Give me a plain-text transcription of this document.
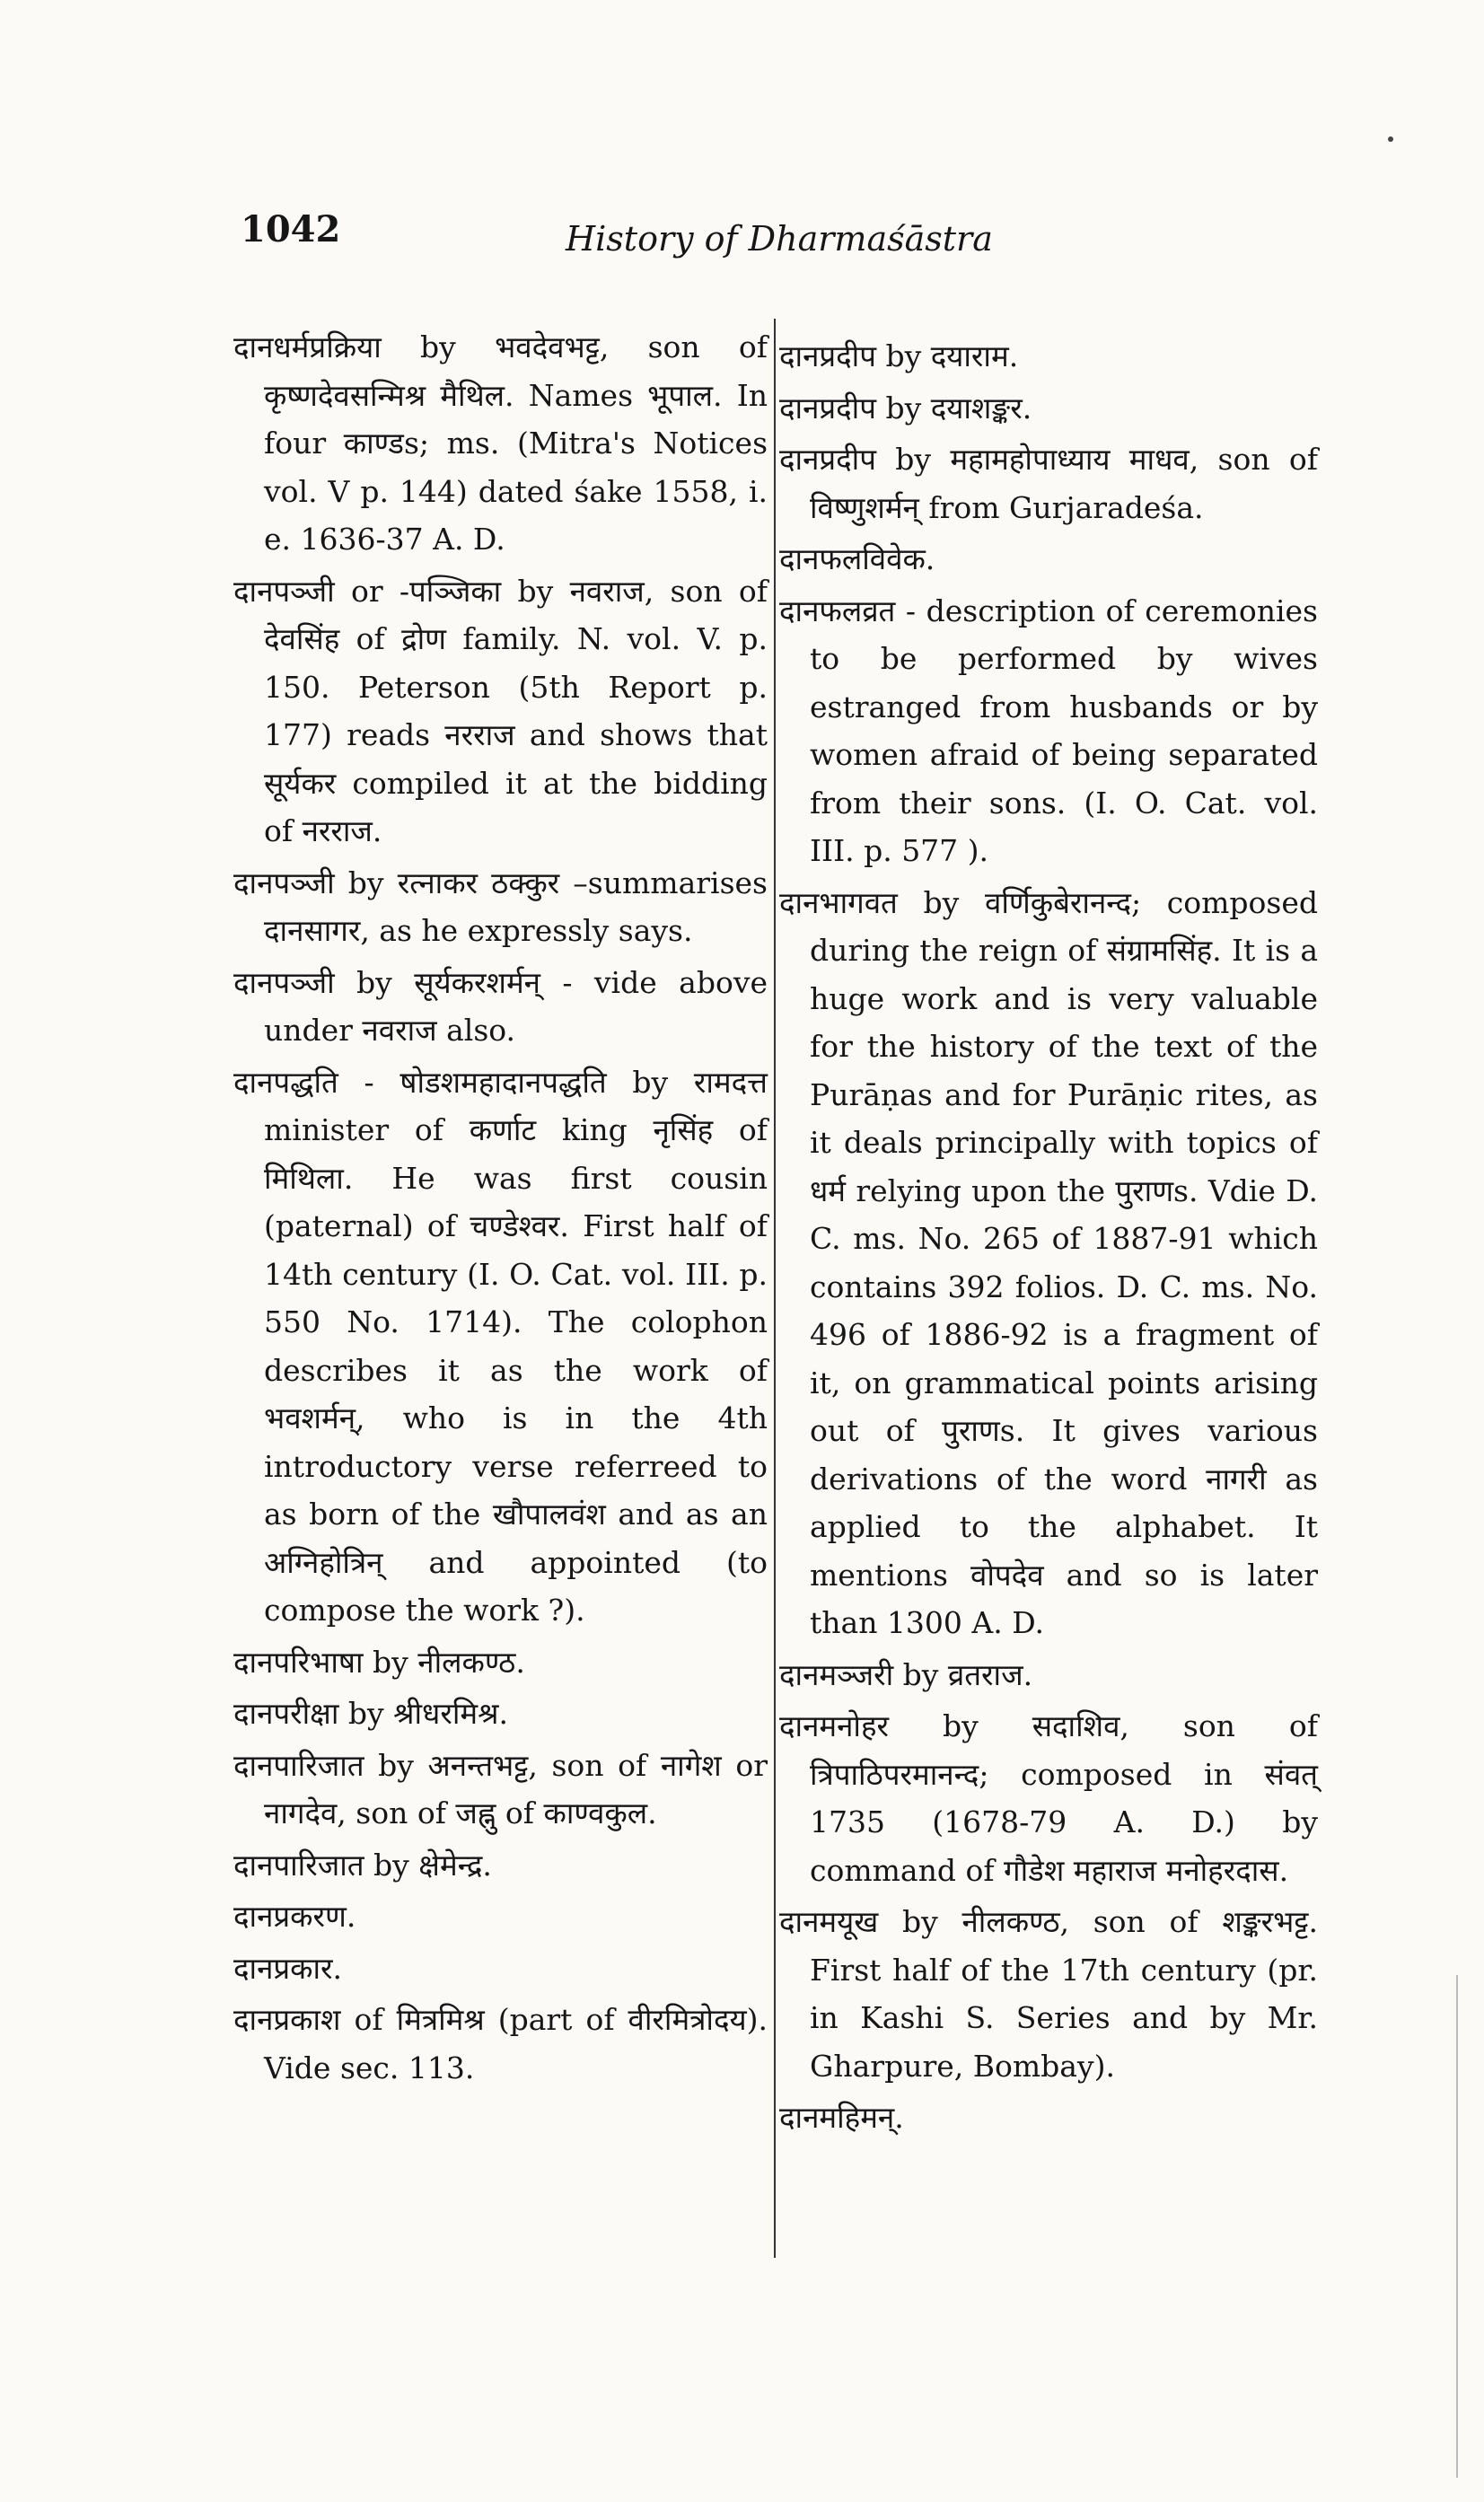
1042	History of Dharmaśāstra

दानधर्मप्रक्रिया by भवदेवभट्ट, son of कृष्णदेवसन्मिश्र मैथिल. Names भूपाल. In four काण्डs; ms. (Mitra's Notices vol. V p. 144) dated śake 1558, i. e. 1636-37 A. D.

दानपञ्जी or -पञ्जिका by नवराज, son of देवसिंह of द्रोण family. N. vol. V. p. 150. Peterson (5th Report p. 177) reads नरराज and shows that सूर्यकर compiled it at the bidding of नरराज.

दानपञ्जी by रत्नाकर ठक्कुर –summarises दानसागर, as he expressly says.

दानपञ्जी by सूर्यकरशर्मन् - vide above under नवराज also.

दानपद्धति - षोडशमहादानपद्धति by रामदत्त minister of कर्णाट king नृसिंह of मिथिला. He was first cousin (paternal) of चण्डेश्वर. First half of 14th century (I. O. Cat. vol. III. p. 550 No. 1714). The colophon describes it as the work of भवशर्मन्, who is in the 4th introductory verse referreed to as born of the खौपालवंश and as an अग्निहोत्रिन् and appointed (to compose the work ?).

दानपरिभाषा by नीलकण्ठ.

दानपरीक्षा by श्रीधरमिश्र.

दानपारिजात by अनन्तभट्ट, son of नागेश or नागदेव, son of जह्नु of काण्वकुल.

दानपारिजात by क्षेमेन्द्र.

दानप्रकरण.

दानप्रकार.

दानप्रकाश of मित्रमिश्र (part of वीरमित्रोदय). Vide sec. 113.

दानप्रदीप by दयाराम.

दानप्रदीप by दयाशङ्कर.

दानप्रदीप by महामहोपाध्याय माधव, son of विष्णुशर्मन् from Gurjaradeśa.

दानफलविवेक.

दानफलव्रत - description of ceremonies to be performed by wives estranged from husbands or by women afraid of being separated from their sons. (I. O. Cat. vol. III. p. 577 ).

दानभागवत by वर्णिकुबेरानन्द; composed during the reign of संग्रामसिंह. It is a huge work and is very valuable for the history of the text of the Purāṇas and for Purāṇic rites, as it deals principally with topics of धर्म relying upon the पुराणs. Vdie D. C. ms. No. 265 of 1887-91 which contains 392 folios. D. C. ms. No. 496 of 1886-92 is a fragment of it, on grammatical points arising out of पुराणs. It gives various derivations of the word नागरी as applied to the alphabet. It mentions वोपदेव and so is later than 1300 A. D.

दानमञ्जरी by व्रतराज.

दानमनोहर by सदाशिव, son of त्रिपाठिपरमानन्द; composed in संवत् 1735 (1678-79 A. D.) by command of गौडेश महाराज मनोहरदास.

दानमयूख by नीलकण्ठ, son of शङ्करभट्ट. First half of the 17th century (pr. in Kashi S. Series and by Mr. Gharpure, Bombay).

दानमहिमन्.
